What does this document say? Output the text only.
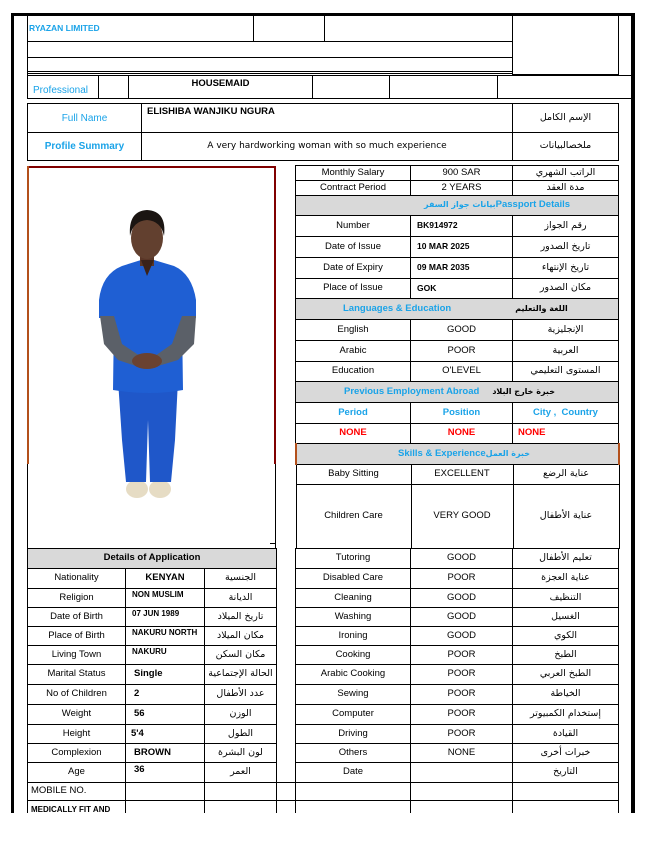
RYAZAN LIMITED		

Professional		HOUSEMAID			
Full Name	ELISHIBA WANJIKU NGURA	الإسم الكامل
Profile Summary	A very hardworking woman with so much experience	ملخصالبيانات
Monthly Salary	900 SAR	الراتب الشهري
Contract Period	2 YEARS	مدة العقد
بيانات جواز السفرPassport Details		
Number	BK914972	رقم الجواز
Date of Issue	10 MAR 2025	تاريخ الصدور
Date of Expiry	09 MAR 2035	تاريخ الإنتهاء
Place of Issue	GOK	مكان الصدور
Languages & Education اللغة والتعليم		
English	GOOD	الإنجليزية
Arabic	POOR	العربية
Education	O'LEVEL	المستوى التعليمي
Previous Employment Abroad خبرة خارج البلاد		
Period	Position	City ,  Country
NONE	NONE	NONE
Skills & Experienceخبرة العمل		
Baby Sitting	EXCELLENT	عناية الرضع
Children Care	VERY GOOD	عناية الأطفال
Tutoring	GOOD	تعليم الأطفال
Disabled Care	POOR	عناية العجزة
Cleaning	GOOD	التنظيف
Washing	GOOD	الغسيل
Ironing	GOOD	الكوي
Cooking	POOR	الطبخ
Arabic Cooking	POOR	الطبخ العربي
Sewing	POOR	الخياطة
Computer	POOR	إستخدام الكمبيوتر
Driving	POOR	القيادة
Others	NONE	خبرات أخرى
Date		التاريخ

Details of Application		
Nationality	KENYAN	الجنسية
Religion	NON MUSLIM	الديانة
Date of Birth	07 JUN 1989	تاريخ الميلاد
Place of Birth	NAKURU NORTH	مكان الميلاد
Living Town	NAKURU	مكان السكن
Marital Status	Single	الحالة الإجتماعية
No of Children	2	عدد الأطفال
Weight	56	الوزن
Height	5'4	الطول
Complexion	BROWN	لون البشرة
Age	36	العمر
MOBILE NO.		
MEDICALLY FIT AND		
